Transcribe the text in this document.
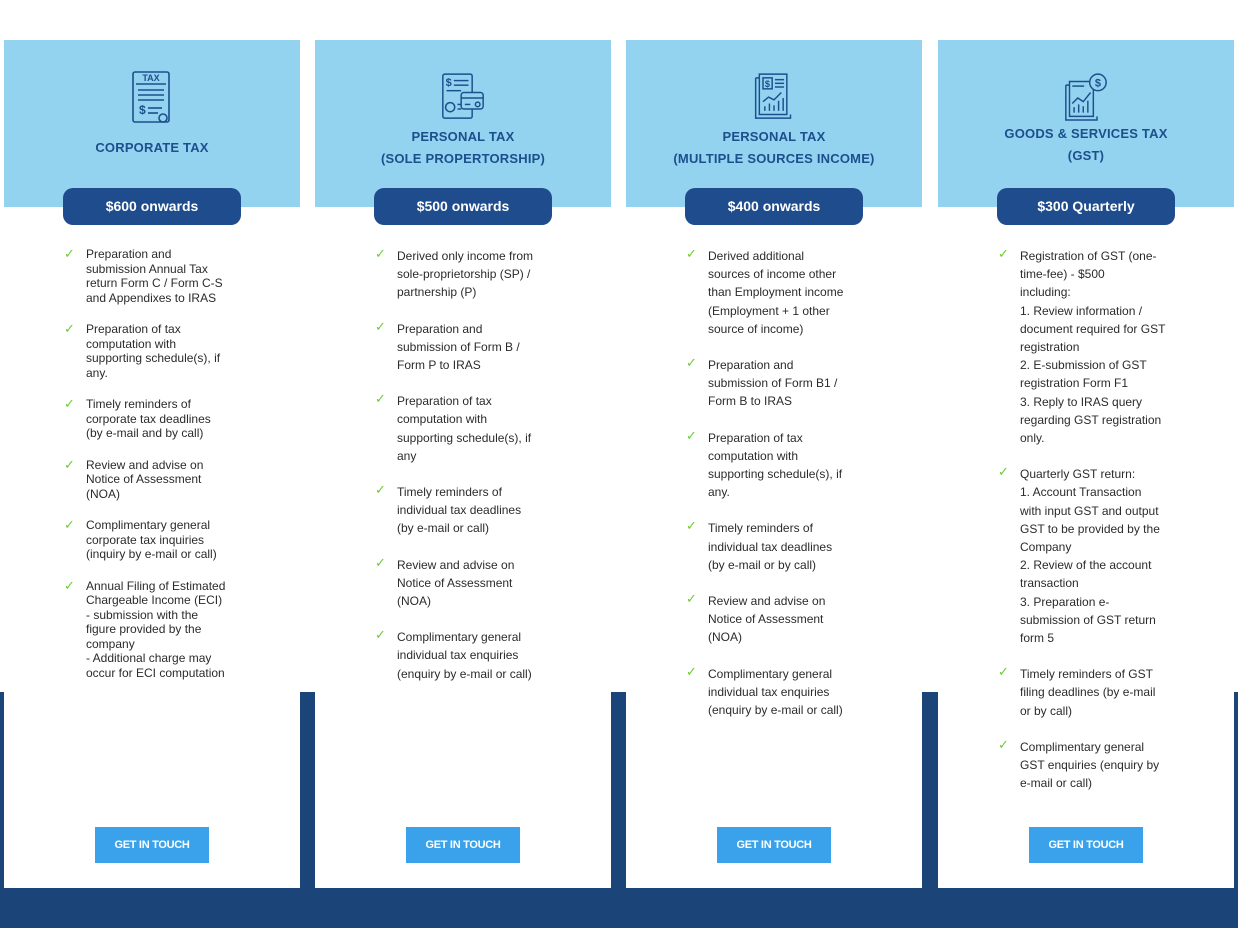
TAX
$
CORPORATE TAX
$600 onwards
✓ Preparation and
submission Annual Tax
return Form C / Form C-S
and Appendixes to IRAS
✓ Preparation of tax
computation with
supporting schedule(s), if
any.
✓ Timely reminders of
corporate tax deadlines
(by e-mail and by call)
✓ Review and advise on
Notice of Assessment
(NOA)
✓ Complimentary general
corporate tax inquiries
(inquiry by e-mail or call)
✓ Annual Filing of Estimated
Chargeable Income (ECI)
- submission with the
figure provided by the
company
- Additional charge may
occur for ECI computation
GET IN TOUCH
$
PERSONAL TAX
(SOLE PROPERTORSHIP)
$500 onwards
✓ Derived only income from
sole-proprietorship (SP) /
partnership (P)
✓ Preparation and
submission of Form B /
Form P to IRAS
✓ Preparation of tax
computation with
supporting schedule(s), if
any
✓ Timely reminders of
individual tax deadlines
(by e-mail or call)
✓ Review and advise on
Notice of Assessment
(NOA)
✓ Complimentary general
individual tax enquiries
(enquiry by e-mail or call)
GET IN TOUCH
$
PERSONAL TAX
(MULTIPLE SOURCES INCOME)
$400 onwards
✓ Derived additional
sources of income other
than Employment income
(Employment + 1 other
source of income)
✓ Preparation and
submission of Form B1 /
Form B to IRAS
✓ Preparation of tax
computation with
supporting schedule(s), if
any.
✓ Timely reminders of
individual tax deadlines
(by e-mail or by call)
✓ Review and advise on
Notice of Assessment
(NOA)
✓ Complimentary general
individual tax enquiries
(enquiry by e-mail or call)
GET IN TOUCH
$
GOODS & SERVICES TAX
(GST)
$300 Quarterly
✓ Registration of GST (one-
time-fee) - $500
including:
1. Review information /
document required for GST
registration
2. E-submission of GST
registration Form F1
3. Reply to IRAS query
regarding GST registration
only.
✓ Quarterly GST return:
1. Account Transaction
with input GST and output
GST to be provided by the
Company
2. Review of the account
transaction
3. Preparation e-
submission of GST return
form 5
✓ Timely reminders of GST
filing deadlines (by e-mail
or by call)
✓ Complimentary general
GST enquiries (enquiry by
e-mail or call)
GET IN TOUCH
